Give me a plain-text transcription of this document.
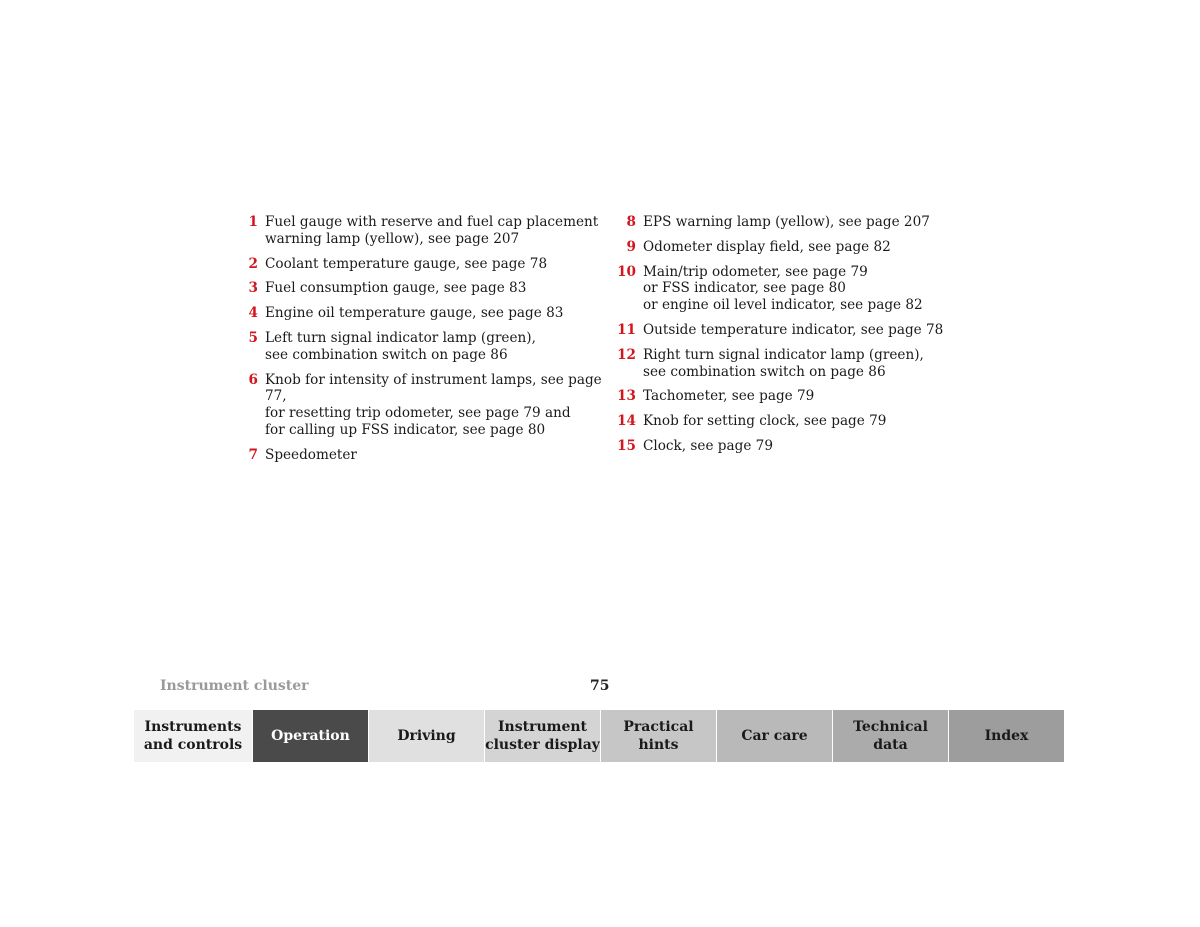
1 Fuel gauge with reserve and fuel cap placement
warning lamp (yellow), see page 207
2 Coolant temperature gauge, see page 78
3 Fuel consumption gauge, see page 83
4 Engine oil temperature gauge, see page 83
5 Left turn signal indicator lamp (green),
see combination switch on page 86
6 Knob for intensity of instrument lamps, see page 77,
for resetting trip odometer, see page 79 and
for calling up FSS indicator, see page 80
7 Speedometer
8 EPS warning lamp (yellow), see page 207
9 Odometer display field, see page 82
10 Main/trip odometer, see page 79
or FSS indicator, see page 80
or engine oil level indicator, see page 82
11 Outside temperature indicator, see page 78
12 Right turn signal indicator lamp (green),
see combination switch on page 86
13 Tachometer, see page 79
14 Knob for setting clock, see page 79
15 Clock, see page 79
Instrument cluster	75
Instruments
and controls
Operation	Driving
Instrument
cluster display
Practical hints
Car care
Technical
data
Index
